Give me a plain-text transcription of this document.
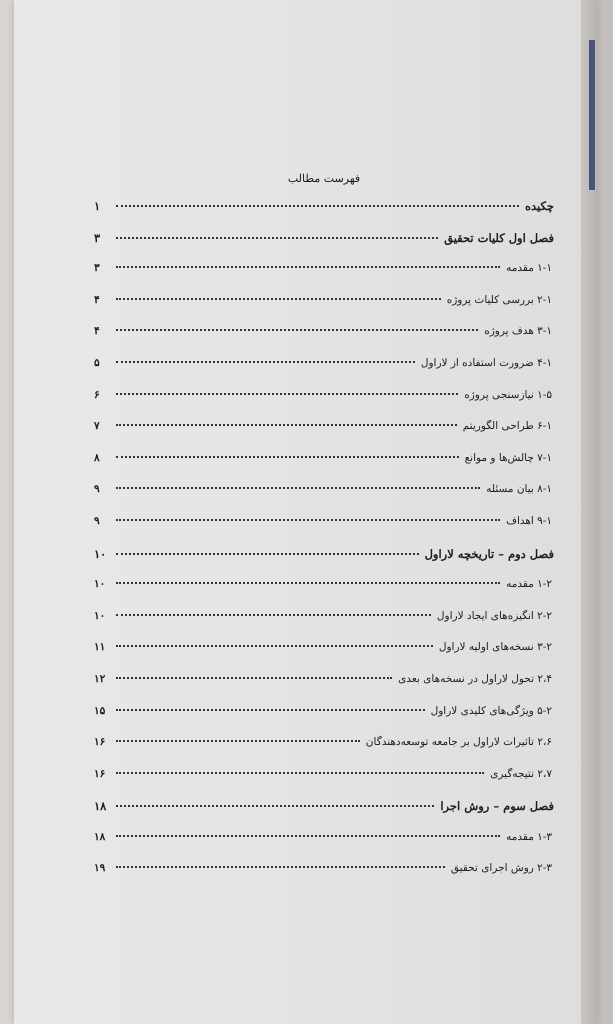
فهرست مطالب
چکیده
۱
فصل اول کلیات تحقیق
۳
۱-۱ مقدمه
۳
۲-۱ بررسی کلیات پروژه
۴
۳-۱ هدف پروژه
۴
۴-۱ ضرورت استفاده از لاراول
۵
۱-۵ نیازسنجی پروژه
۶
۶-۱ طراحی الگوریتم
۷
۷-۱ چالش‌ها و موانع
۸
۸-۱ بیان مسئله
۹
۹-۱ اهداف
۹
فصل دوم – تاریخچه لاراول
۱۰
۱-۲ مقدمه
۱۰
۲-۲ انگیزه‌های ایجاد لاراول
۱۰
۳-۲ نسخه‌های اولیه لاراول
۱۱
۲،۴ تحول لاراول در نسخه‌های بعدی
۱۲
۵-۲ ویژگی‌های کلیدی لاراول
۱۵
۲،۶ تاثیرات لاراول بر جامعه توسعه‌دهندگان
۱۶
۲،۷ نتیجه‌گیری
۱۶
فصل سوم – روش اجرا
۱۸
۱-۳ مقدمه
۱۸
۲-۳ روش اجرای تحقیق
۱۹
